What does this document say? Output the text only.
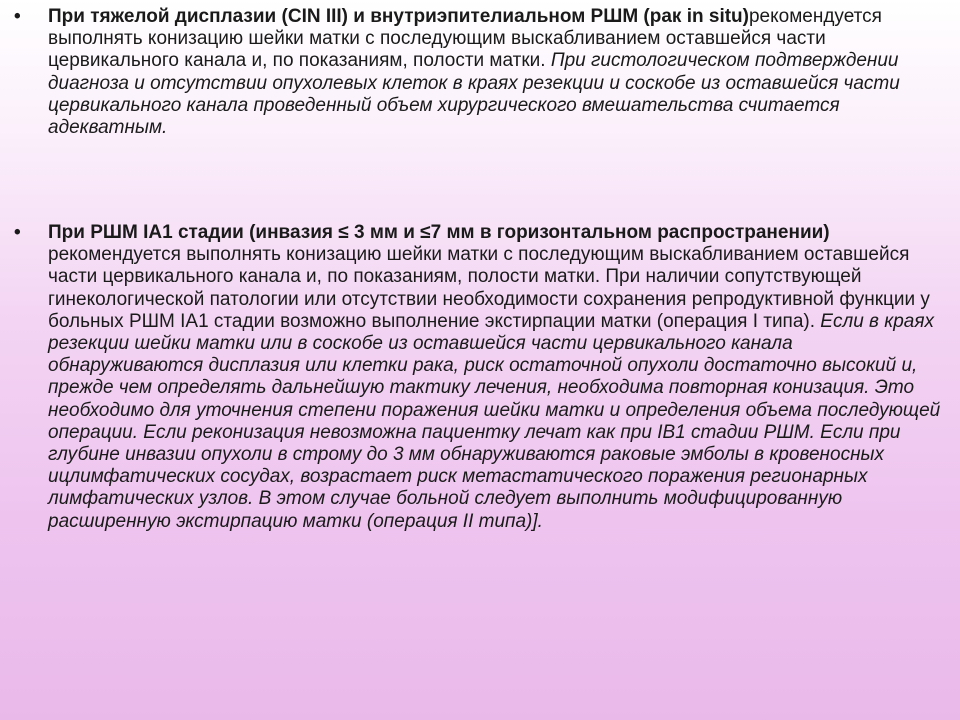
• При тяжелой дисплазии (CIN III) и внутриэпителиальном РШМ (рак in situ)рекомендуется выполнять конизацию шейки матки с последующим выскабливанием оставшейся части цервикального канала и, по показаниям, полости матки. При гистологическом подтверждении диагноза и отсутствии опухолевых клеток в краях резекции и соскобе из оставшейся части цервикального канала проведенный объем хирургического вмешательства считается адекватным.

• При РШМ IA1 стадии (инвазия ≤ 3 мм и ≤7 мм в горизонтальном распространении) рекомендуется выполнять конизацию шейки матки с последующим выскабливанием оставшейся части цервикального канала и, по показаниям, полости матки. При наличии сопутствующей гинекологической патологии или отсутствии необходимости сохранения репродуктивной функции у больных РШМ IA1 стадии возможно выполнение экстирпации матки (операция I типа). Если в краях резекции шейки матки или в соскобе из оставшейся части цервикального канала обнаруживаются дисплазия или клетки рака, риск остаточной опухоли достаточно высокий и, прежде чем определять дальнейшую тактику лечения, необходима повторная конизация. Это необходимо для уточнения степени поражения шейки матки и определения объема последующей операции. Если реконизация невозможна пациентку лечат как при IB1 стадии РШМ. Если при глубине инвазии опухоли в строму до 3 мм обнаруживаются раковые эмболы в кровеносных ицлимфатических сосудах, возрастает риск метастатического поражения регионарных лимфатических узлов. В этом случае больной следует выполнить модифицированную расширенную экстирпацию матки (операция II типа)].
